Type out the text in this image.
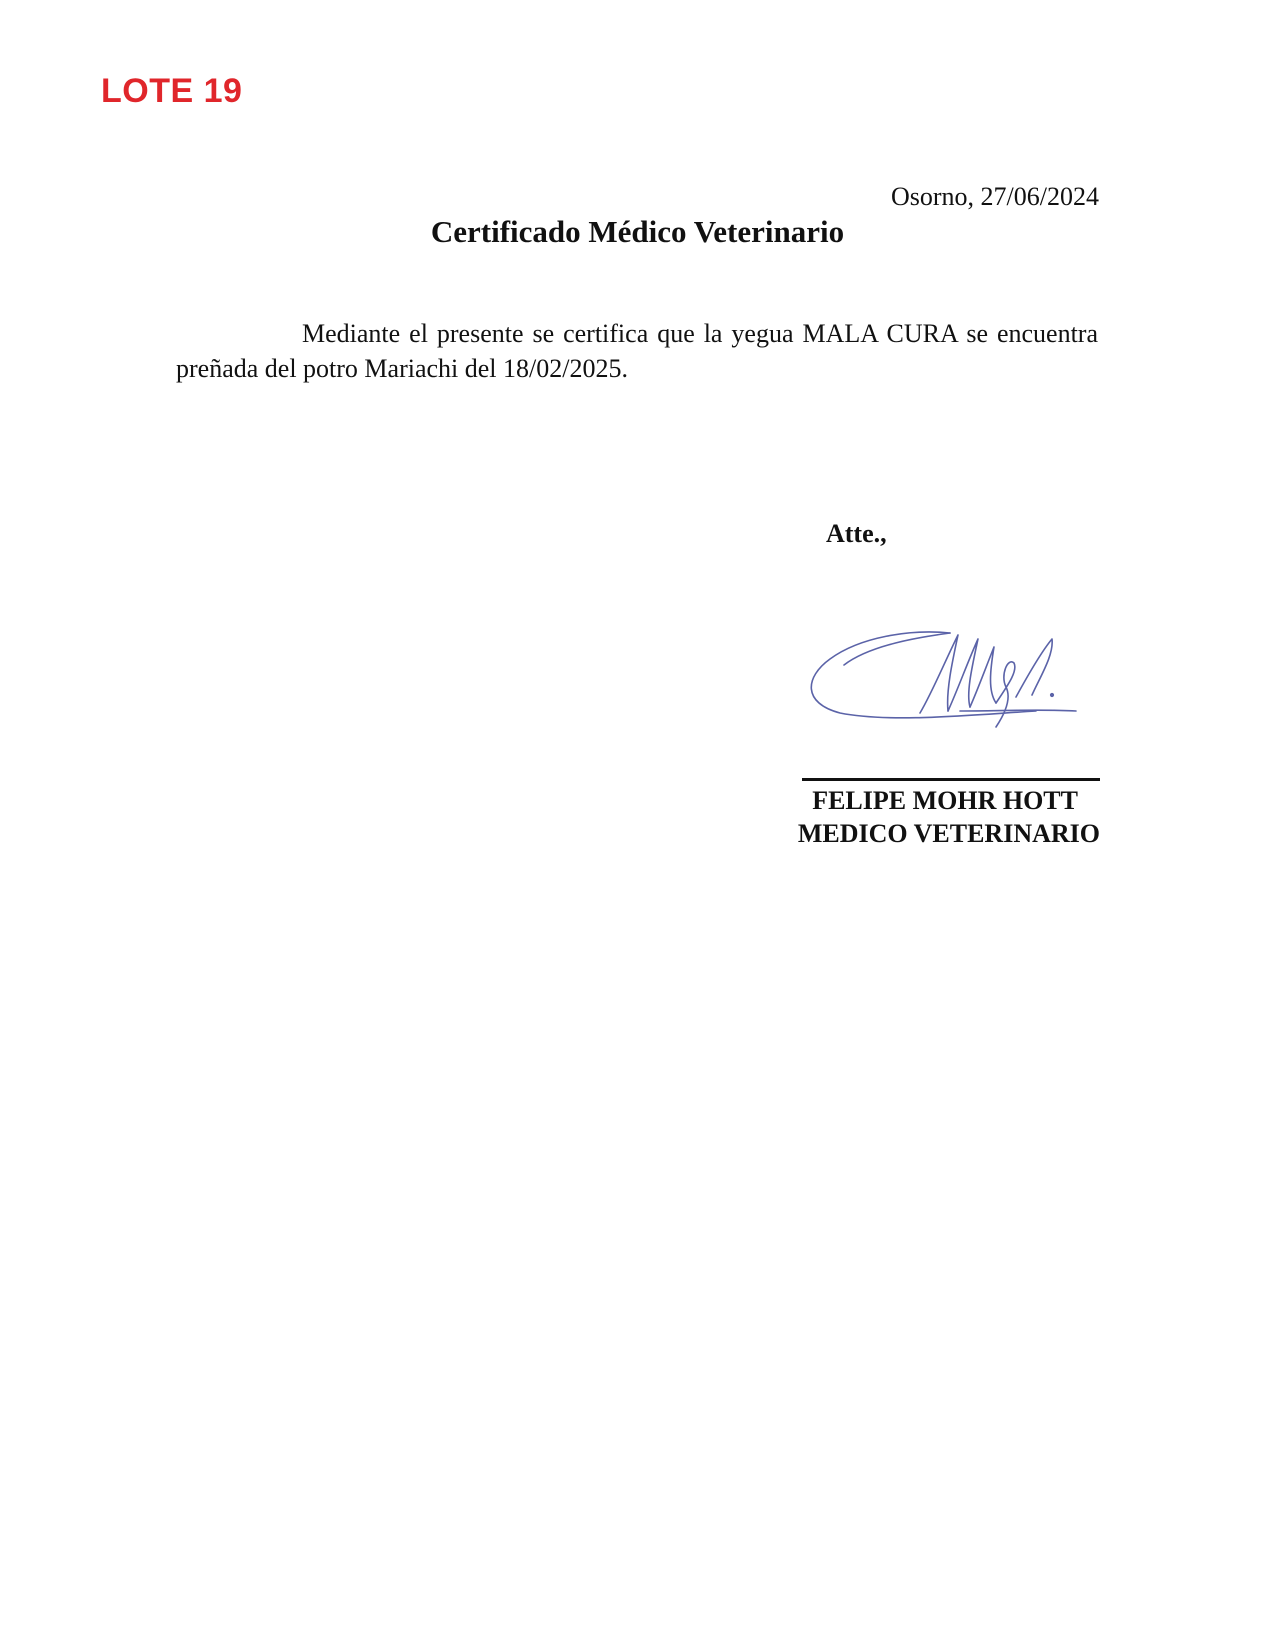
LOTE 19
Osorno, 27/06/2024
Certificado Médico Veterinario
Mediante el presente se certifica que la yegua MALA CURA se encuentra preñada del potro Mariachi del 18/02/2025.
Atte.,
FELIPE MOHR HOTT
MEDICO VETERINARIO
